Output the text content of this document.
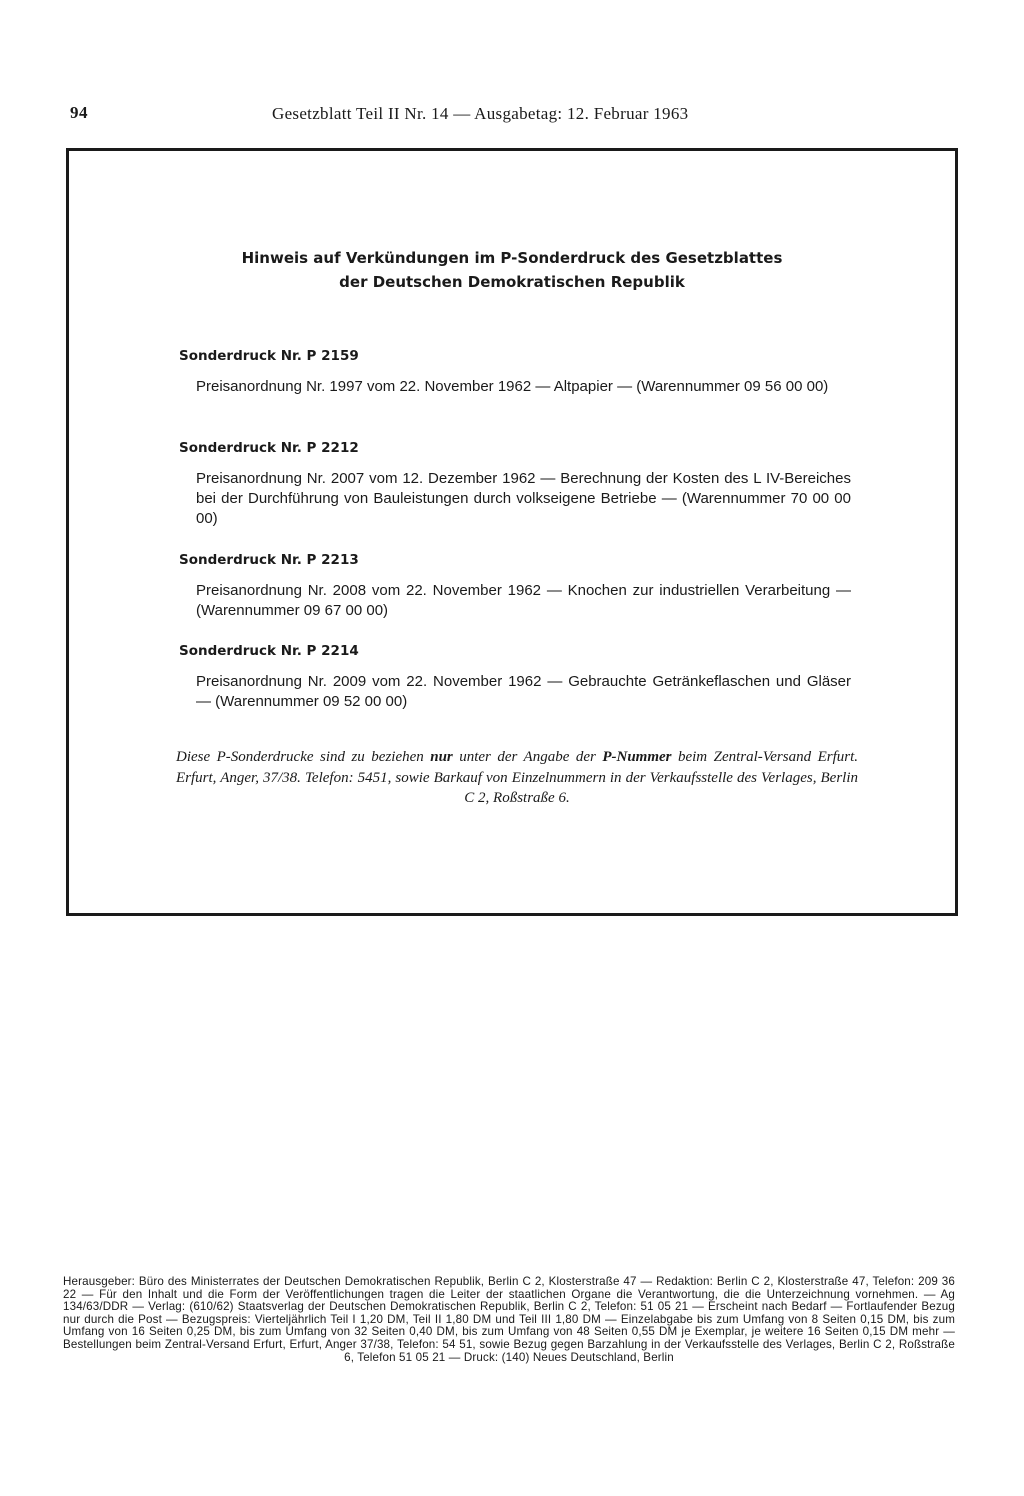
94	Gesetzblatt Teil II Nr. 14 — Ausgabetag: 12. Februar 1963
Hinweis auf Verkündungen im P-Sonderdruck des Gesetzblattes
der Deutschen Demokratischen Republik
Sonderdruck Nr. P 2159
Preisanordnung Nr. 1997 vom 22. November 1962 — Altpapier — (Warennummer 09 56 00 00)
Sonderdruck Nr. P 2212
Preisanordnung Nr. 2007 vom 12. Dezember 1962 — Berechnung der Kosten des L IV-Bereiches bei der Durchführung von Bauleistungen durch volkseigene Betriebe — (Warennummer 70 00 00 00)
Sonderdruck Nr. P 2213
Preisanordnung Nr. 2008 vom 22. November 1962 — Knochen zur industriellen Verarbeitung — (Warennummer 09 67 00 00)
Sonderdruck Nr. P 2214
Preisanordnung Nr. 2009 vom 22. November 1962 — Gebrauchte Getränkeflaschen und Gläser — (Warennummer 09 52 00 00)
Diese P-Sonderdrucke sind zu beziehen nur unter der Angabe der P-Nummer beim Zentral-Versand Erfurt. Erfurt, Anger, 37/38. Telefon: 5451, sowie Barkauf von Einzelnummern in der Verkaufsstelle des Verlages, Berlin C 2, Roßstraße 6.
Herausgeber: Büro des Ministerrates der Deutschen Demokratischen Republik, Berlin C 2, Klosterstraße 47 — Redaktion: Berlin C 2, Klosterstraße 47, Telefon: 209 36 22 — Für den Inhalt und die Form der Veröffentlichungen tragen die Leiter der staatlichen Organe die Verantwortung, die die Unterzeichnung vornehmen. — Ag 134/63/DDR — Verlag: (610/62) Staatsverlag der Deutschen Demokratischen Republik, Berlin C 2, Telefon: 51 05 21 — Erscheint nach Bedarf — Fortlaufender Bezug nur durch die Post — Bezugspreis: Vierteljährlich Teil I 1,20 DM, Teil II 1,80 DM und Teil III 1,80 DM — Einzelabgabe bis zum Umfang von 8 Seiten 0,15 DM, bis zum Umfang von 16 Seiten 0,25 DM, bis zum Umfang von 32 Seiten 0,40 DM, bis zum Umfang von 48 Seiten 0,55 DM je Exemplar, je weitere 16 Seiten 0,15 DM mehr — Bestellungen beim Zentral-Versand Erfurt, Erfurt, Anger 37/38, Telefon: 54 51, sowie Bezug gegen Barzahlung in der Verkaufsstelle des Verlages, Berlin C 2, Roßstraße 6, Telefon 51 05 21 — Druck: (140) Neues Deutschland, Berlin
